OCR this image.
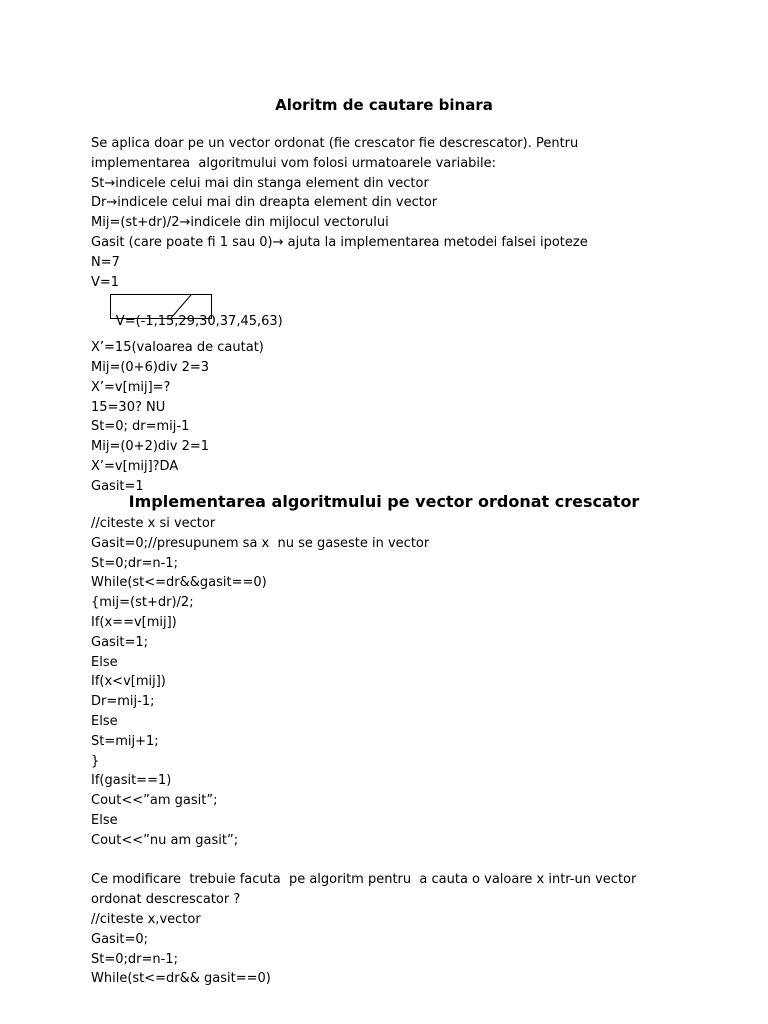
Aloritm de cautare binara
Se aplica doar pe un vector ordonat (fie crescator fie descrescator). Pentru
implementarea  algoritmului vom folosi urmatoarele variabile:
St→indicele celui mai din stanga element din vector
Dr→indicele celui mai din dreapta element din vector
Mij=(st+dr)/2→indicele din mijlocul vectorului
Gasit (care poate fi 1 sau 0)→ ajuta la implementarea metodei falsei ipoteze
N=7
V=1

V=(-1,15,29,30,37,45,63)

X’=15(valoarea de cautat)
Mij=(0+6)div 2=3
X’=v[mij]=?
15=30? NU
St=0; dr=mij-1
Mij=(0+2)div 2=1
X’=v[mij]?DA
Gasit=1
Implementarea algoritmului pe vector ordonat crescator
//citeste x si vector
Gasit=0;//presupunem sa x  nu se gaseste in vector
St=0;dr=n-1;
While(st<=dr&&gasit==0)
{mij=(st+dr)/2;
If(x==v[mij])
Gasit=1;
Else
If(x<v[mij])
Dr=mij-1;
Else
St=mij+1;
}
If(gasit==1)
Cout<<”am gasit”;
Else
Cout<<”nu am gasit”;
Ce modificare  trebuie facuta  pe algoritm pentru  a cauta o valoare x intr-un vector
ordonat descrescator ?
//citeste x,vector
Gasit=0;
St=0;dr=n-1;
While(st<=dr&& gasit==0)
